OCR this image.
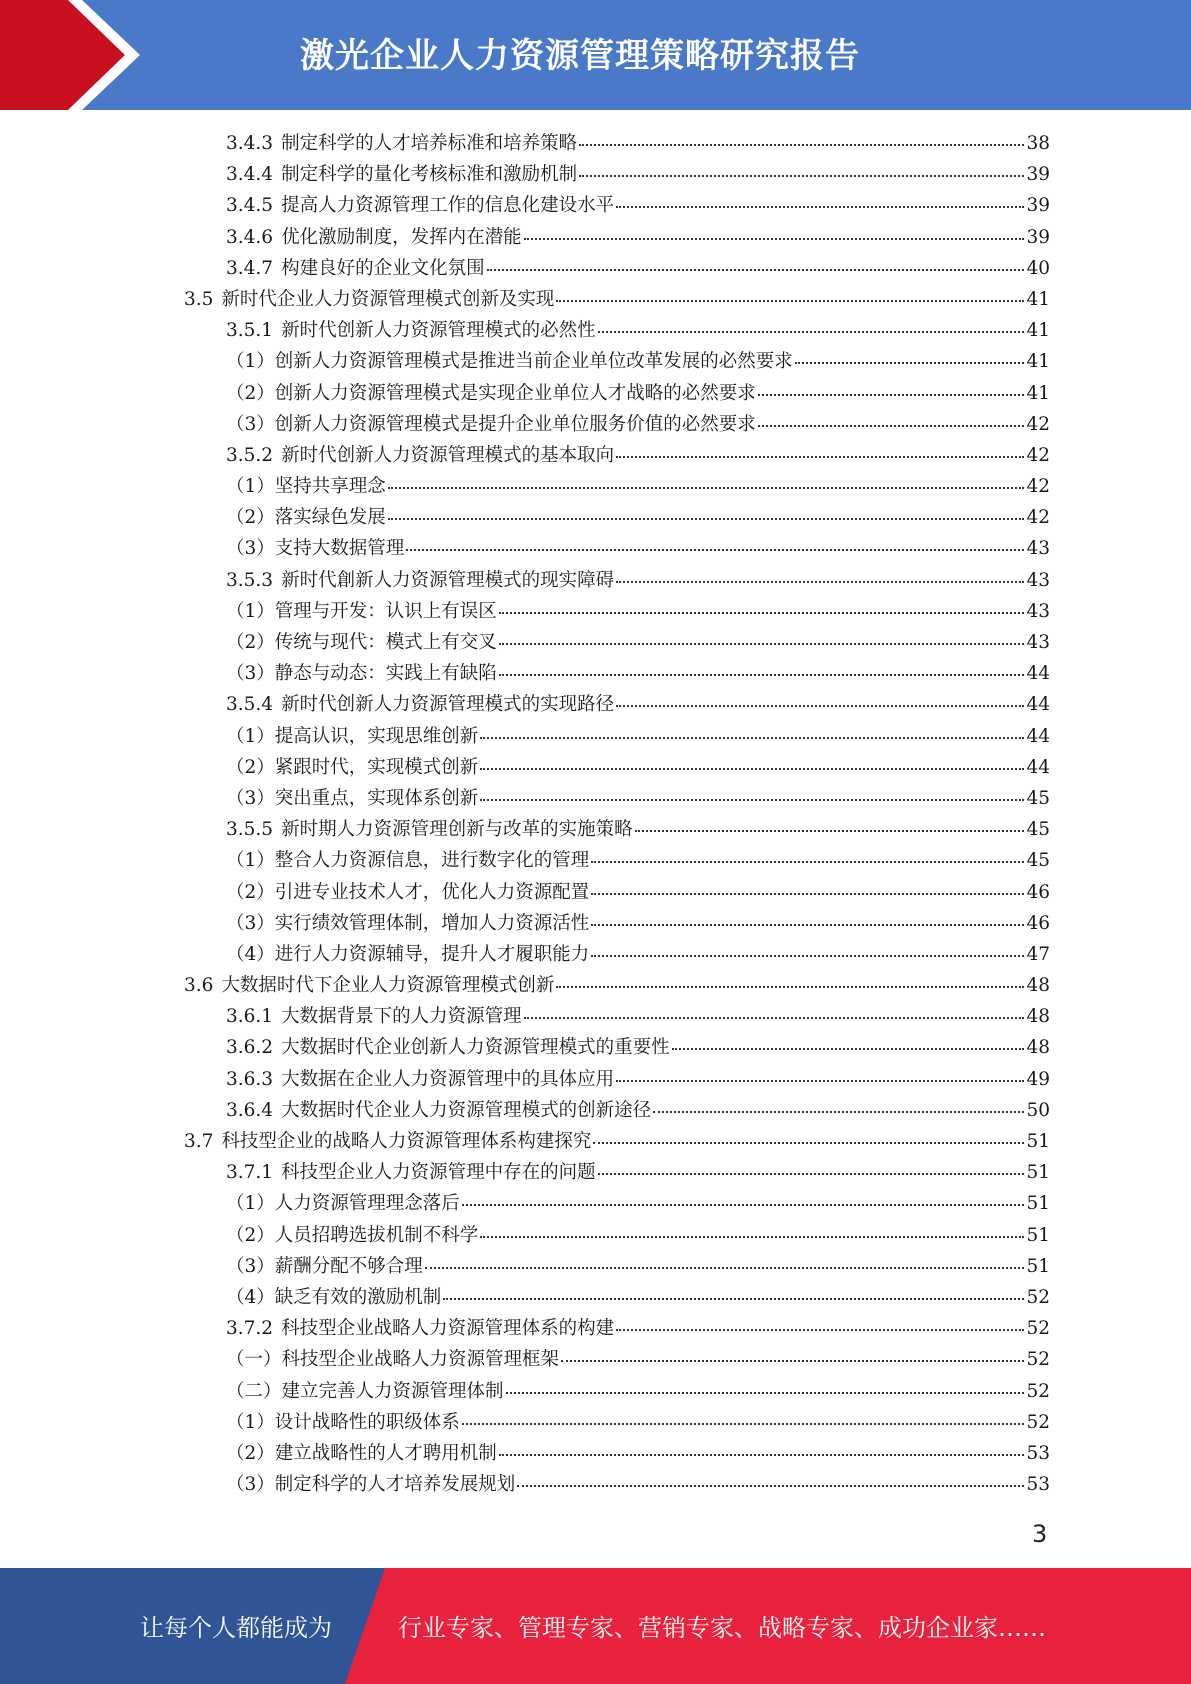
激光企业人力资源管理策略研究报告
3.4.3 制定科学的人才培养标准和培养策略	38
3.4.4 制定科学的量化考核标准和激励机制	39
3.4.5 提高人力资源管理工作的信息化建设水平	39
3.4.6 优化激励制度，发挥内在潜能	39
3.4.7 构建良好的企业文化氛围	40
3.5 新时代企业人力资源管理模式创新及实现	41
3.5.1 新时代创新人力资源管理模式的必然性	41
（1）创新人力资源管理模式是推进当前企业单位改革发展的必然要求	41
（2）创新人力资源管理模式是实现企业单位人才战略的必然要求	41
（3）创新人力资源管理模式是提升企业单位服务价值的必然要求	42
3.5.2 新时代创新人力资源管理模式的基本取向	42
（1）坚持共享理念	42
（2）落实绿色发展	42
（3）支持大数据管理	43
3.5.3 新时代創新人力资源管理模式的现实障碍	43
（1）管理与开发：认识上有误区	43
（2）传统与现代：模式上有交叉	43
（3）静态与动态：实践上有缺陷	44
3.5.4 新时代创新人力资源管理模式的实现路径	44
（1）提高认识，实现思维创新	44
（2）紧跟时代，实现模式创新	44
（3）突出重点，实现体系创新	45
3.5.5 新时期人力资源管理创新与改革的实施策略	45
（1）整合人力资源信息，进行数字化的管理	45
（2）引进专业技术人才，优化人力资源配置	46
（3）实行绩效管理体制，增加人力资源活性	46
（4）进行人力资源辅导，提升人才履职能力	47
3.6 大数据时代下企业人力资源管理模式创新	48
3.6.1 大数据背景下的人力资源管理	48
3.6.2 大数据时代企业创新人力资源管理模式的重要性	48
3.6.3 大数据在企业人力资源管理中的具体应用	49
3.6.4 大数据时代企业人力资源管理模式的创新途径	50
3.7 科技型企业的战略人力资源管理体系构建探究	51
3.7.1 科技型企业人力资源管理中存在的问题	51
（1）人力资源管理理念落后	51
（2）人员招聘选拔机制不科学	51
（3）薪酬分配不够合理	51
（4）缺乏有效的激励机制	52
3.7.2 科技型企业战略人力资源管理体系的构建	52
（一）科技型企业战略人力资源管理框架	52
（二）建立完善人力资源管理体制	52
（1）设计战略性的职级体系	52
（2）建立战略性的人才聘用机制	53
（3）制定科学的人才培养发展规划	53
3
让每个人都能成为	行业专家、管理专家、营销专家、战略专家、成功企业家……
